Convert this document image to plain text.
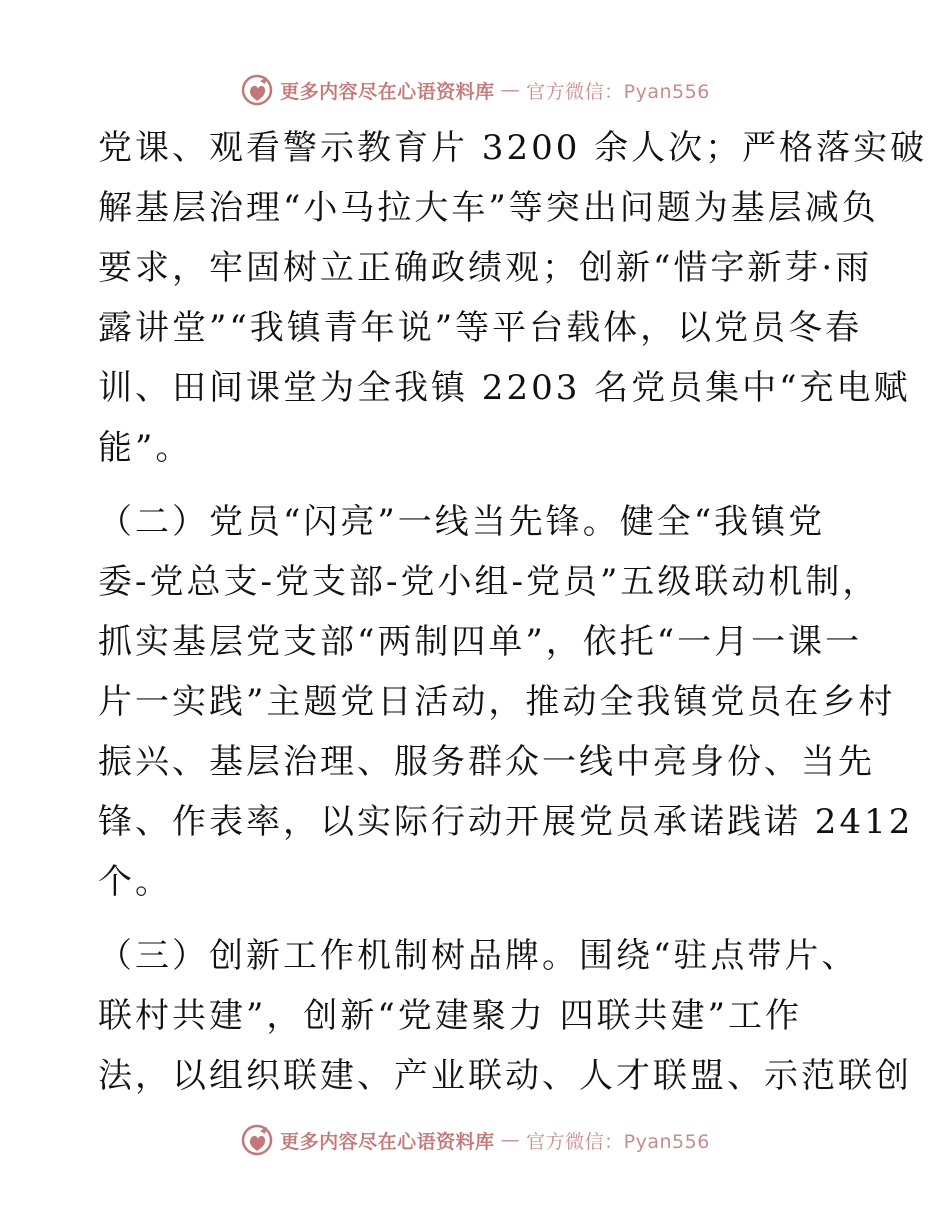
更多内容尽在心语资料库 — 官方微信：Pyan556

党课、观看警示教育片 3200 余人次；严格落实破
解基层治理“小马拉大车”等突出问题为基层减负
要求，牢固树立正确政绩观；创新“惜字新芽·雨
露讲堂”“我镇青年说”等平台载体，以党员冬春
训、田间课堂为全我镇 2203 名党员集中“充电赋
能”。

（二）党员“闪亮”一线当先锋。健全“我镇党
委-党总支-党支部-党小组-党员”五级联动机制，
抓实基层党支部“两制四单”，依托“一月一课一
片一实践”主题党日活动，推动全我镇党员在乡村
振兴、基层治理、服务群众一线中亮身份、当先
锋、作表率，以实际行动开展党员承诺践诺 2412
个。

（三）创新工作机制树品牌。围绕“驻点带片、
联村共建”，创新“党建聚力 四联共建”工作
法，以组织联建、产业联动、人才联盟、示范联创

更多内容尽在心语资料库 — 官方微信：Pyan556
